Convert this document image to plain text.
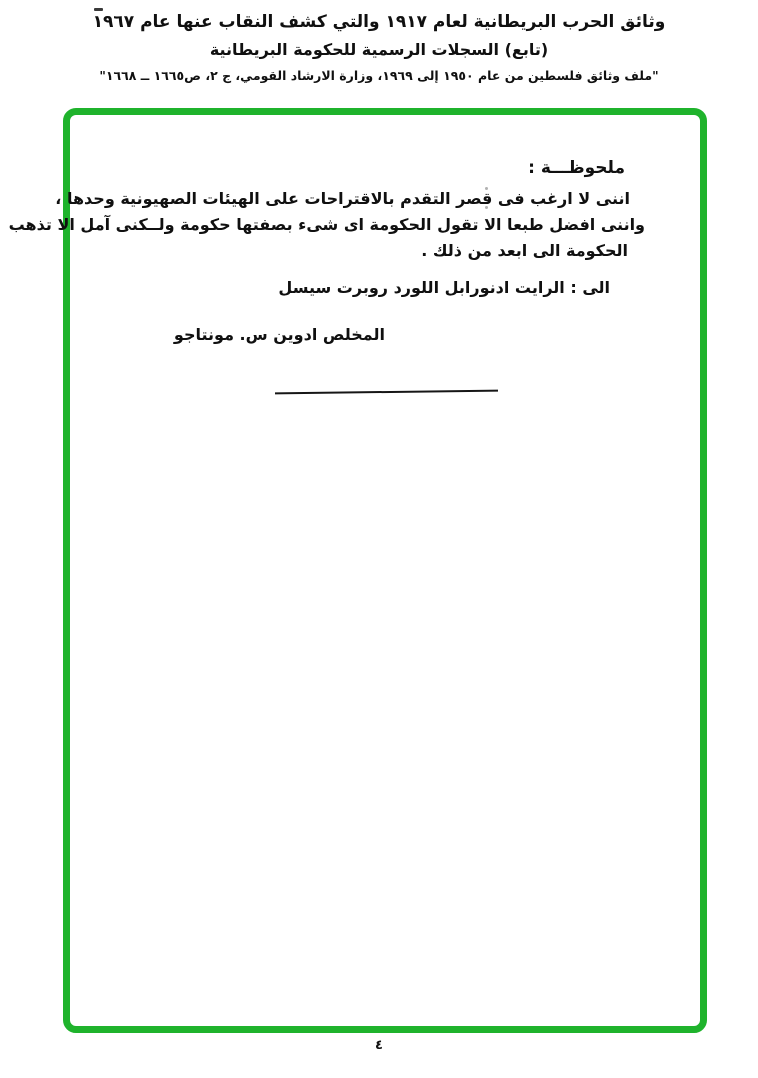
وثائق الحرب البريطانية لعام ١٩١٧ والتي كشف النقاب عنها عام ١٩٦٧
(تابع) السجلات الرسمية للحكومة البريطانية
"ملف وثائق فلسطين من عام ١٩٥٠ إلى ١٩٦٩، وزارة الارشاد القومي، ج ٢، ص١٦٦٥ ــ ١٦٦٨"
ملحوظـــة :
اننى لا ارغب فى قصر التقدم بالاقتراحات على الهيئات الصهيونية وحدها ،
واننى افضل طبعا الا تقول الحكومة اى شىء بصفتها حكومة ولــكنى آمل الا تذهب
الحكومة الى ابعد من ذلك .
الى : الرايت ادنورابل اللورد روبرت سيسل
المخلص ادوين س. مونتاجو
٤
